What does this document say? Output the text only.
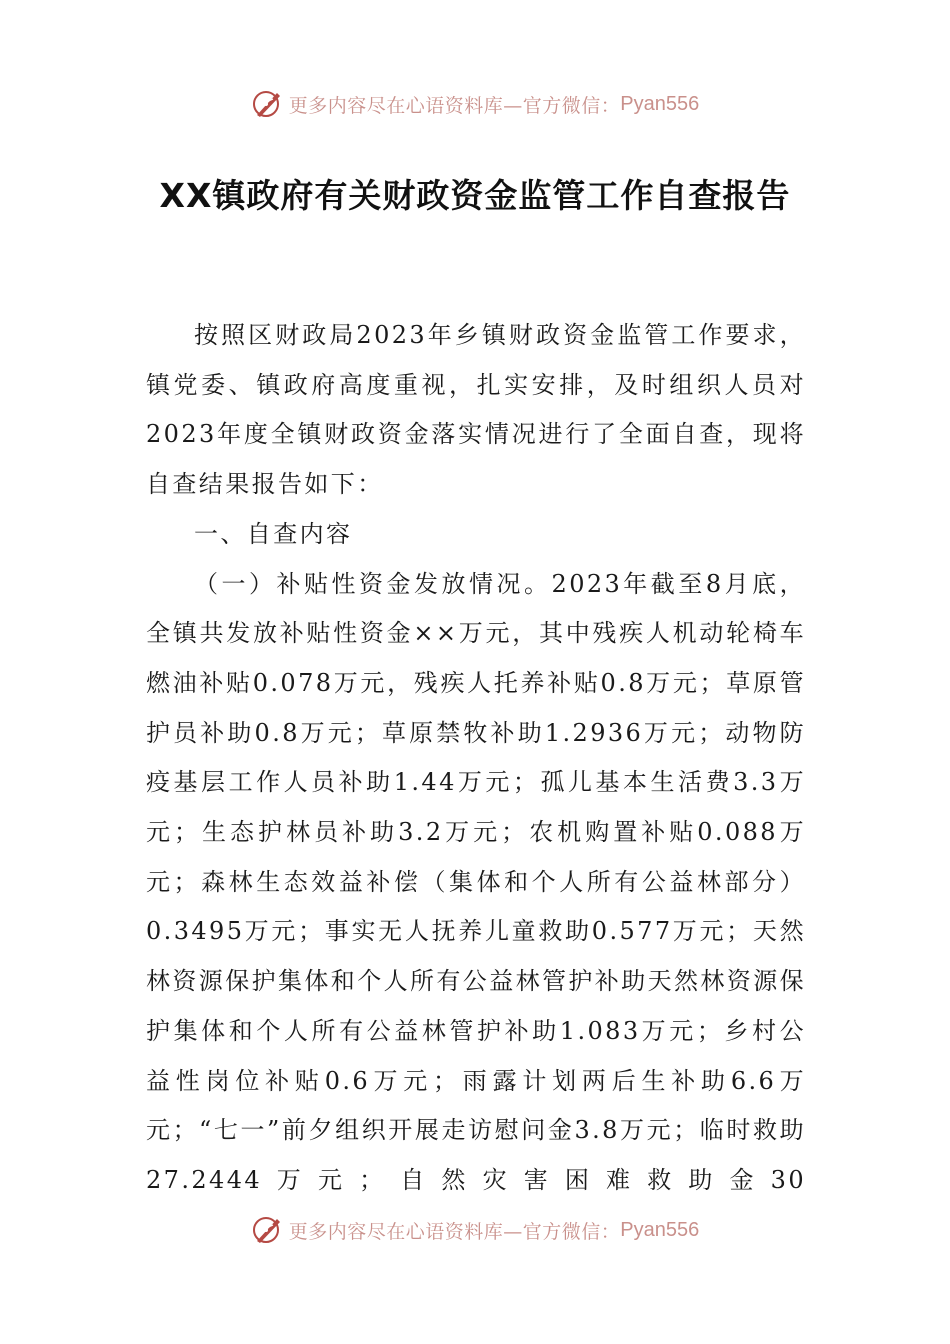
更多内容尽在心语资料库—官方微信： Pyan556
XX镇政府有关财政资金监管工作自查报告

按照区财政局2023年乡镇财政资金监管工作要求，镇党委、镇政府高度重视，扎实安排，及时组织人员对2023年度全镇财政资金落实情况进行了全面自查，现将自查结果报告如下：

一、自查内容

（一）补贴性资金发放情况。2023年截至8月底，全镇共发放补贴性资金××万元，其中残疾人机动轮椅车燃油补贴0.078万元，残疾人托养补贴0.8万元；草原管护员补助0.8万元；草原禁牧补助1.2936万元；动物防疫基层工作人员补助1.44万元；孤儿基本生活费3.3万元；生态护林员补助3.2万元；农机购置补贴0.088万元；森林生态效益补偿（集体和个人所有公益林部分）0.3495万元；事实无人抚养儿童救助0.577万元；天然林资源保护集体和个人所有公益林管护补助天然林资源保护集体和个人所有公益林管护补助1.083万元；乡村公益性岗位补贴0.6万元；雨露计划两后生补助6.6万元；“七一”前夕组织开展走访慰问金3.8万元；临时救助27.2444万元；自然灾害困难救助金30

更多内容尽在心语资料库—官方微信： Pyan556
